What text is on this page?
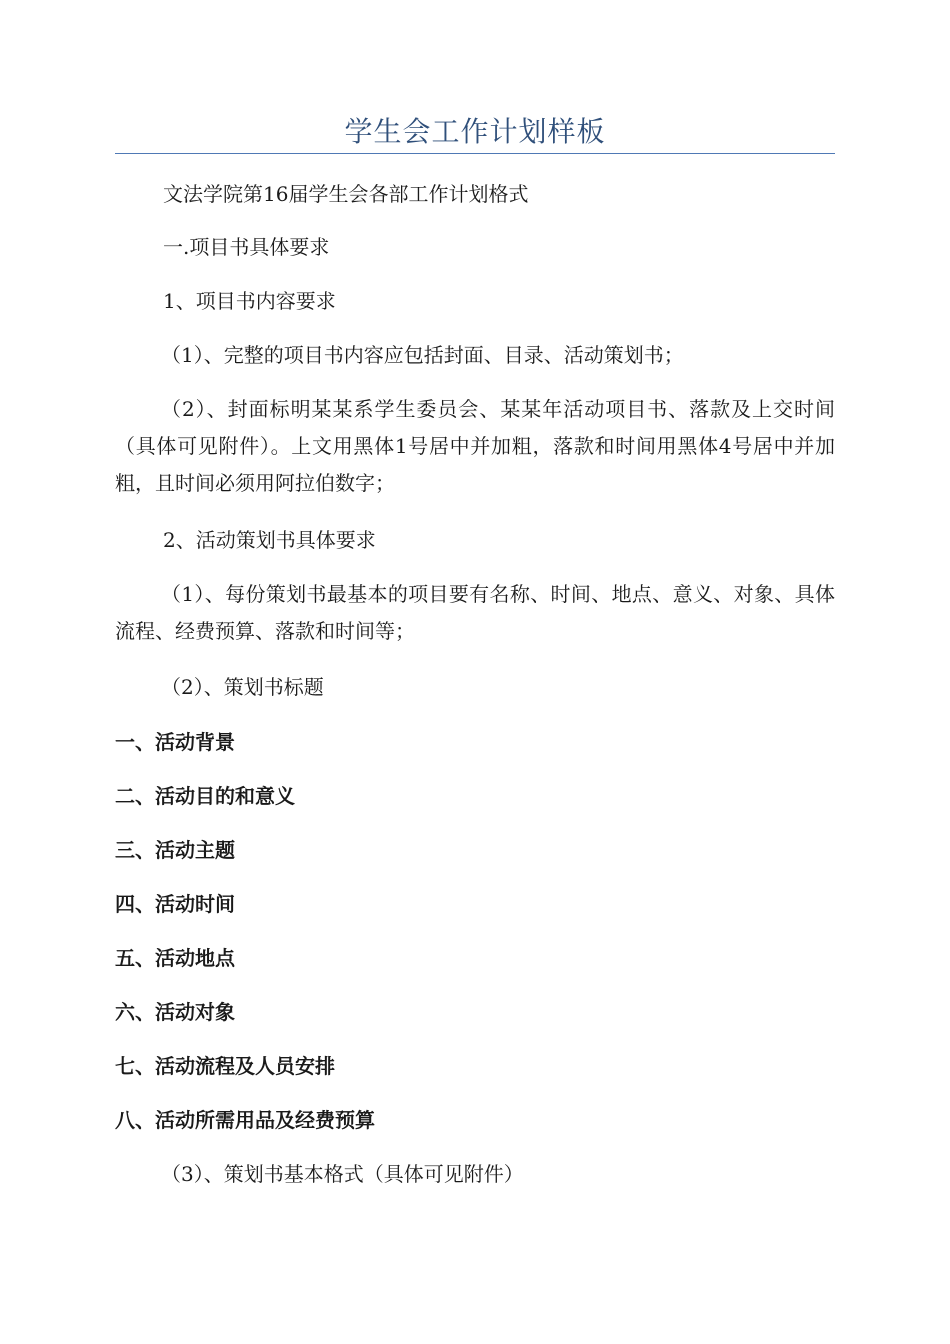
学生会工作计划样板

文法学院第16届学生会各部工作计划格式

一.项目书具体要求

1、项目书内容要求

（1）、完整的项目书内容应包括封面、目录、活动策划书；

（2）、封面标明某某系学生委员会、某某年活动项目书、落款及上交时间（具体可见附件）。上文用黑体1号居中并加粗，落款和时间用黑体4号居中并加粗，且时间必须用阿拉伯数字；

2、活动策划书具体要求

（1）、每份策划书最基本的项目要有名称、时间、地点、意义、对象、具体流程、经费预算、落款和时间等；

（2）、策划书标题

一、活动背景

二、活动目的和意义

三、活动主题

四、活动时间

五、活动地点

六、活动对象

七、活动流程及人员安排

八、活动所需用品及经费预算

（3）、策划书基本格式（具体可见附件）
